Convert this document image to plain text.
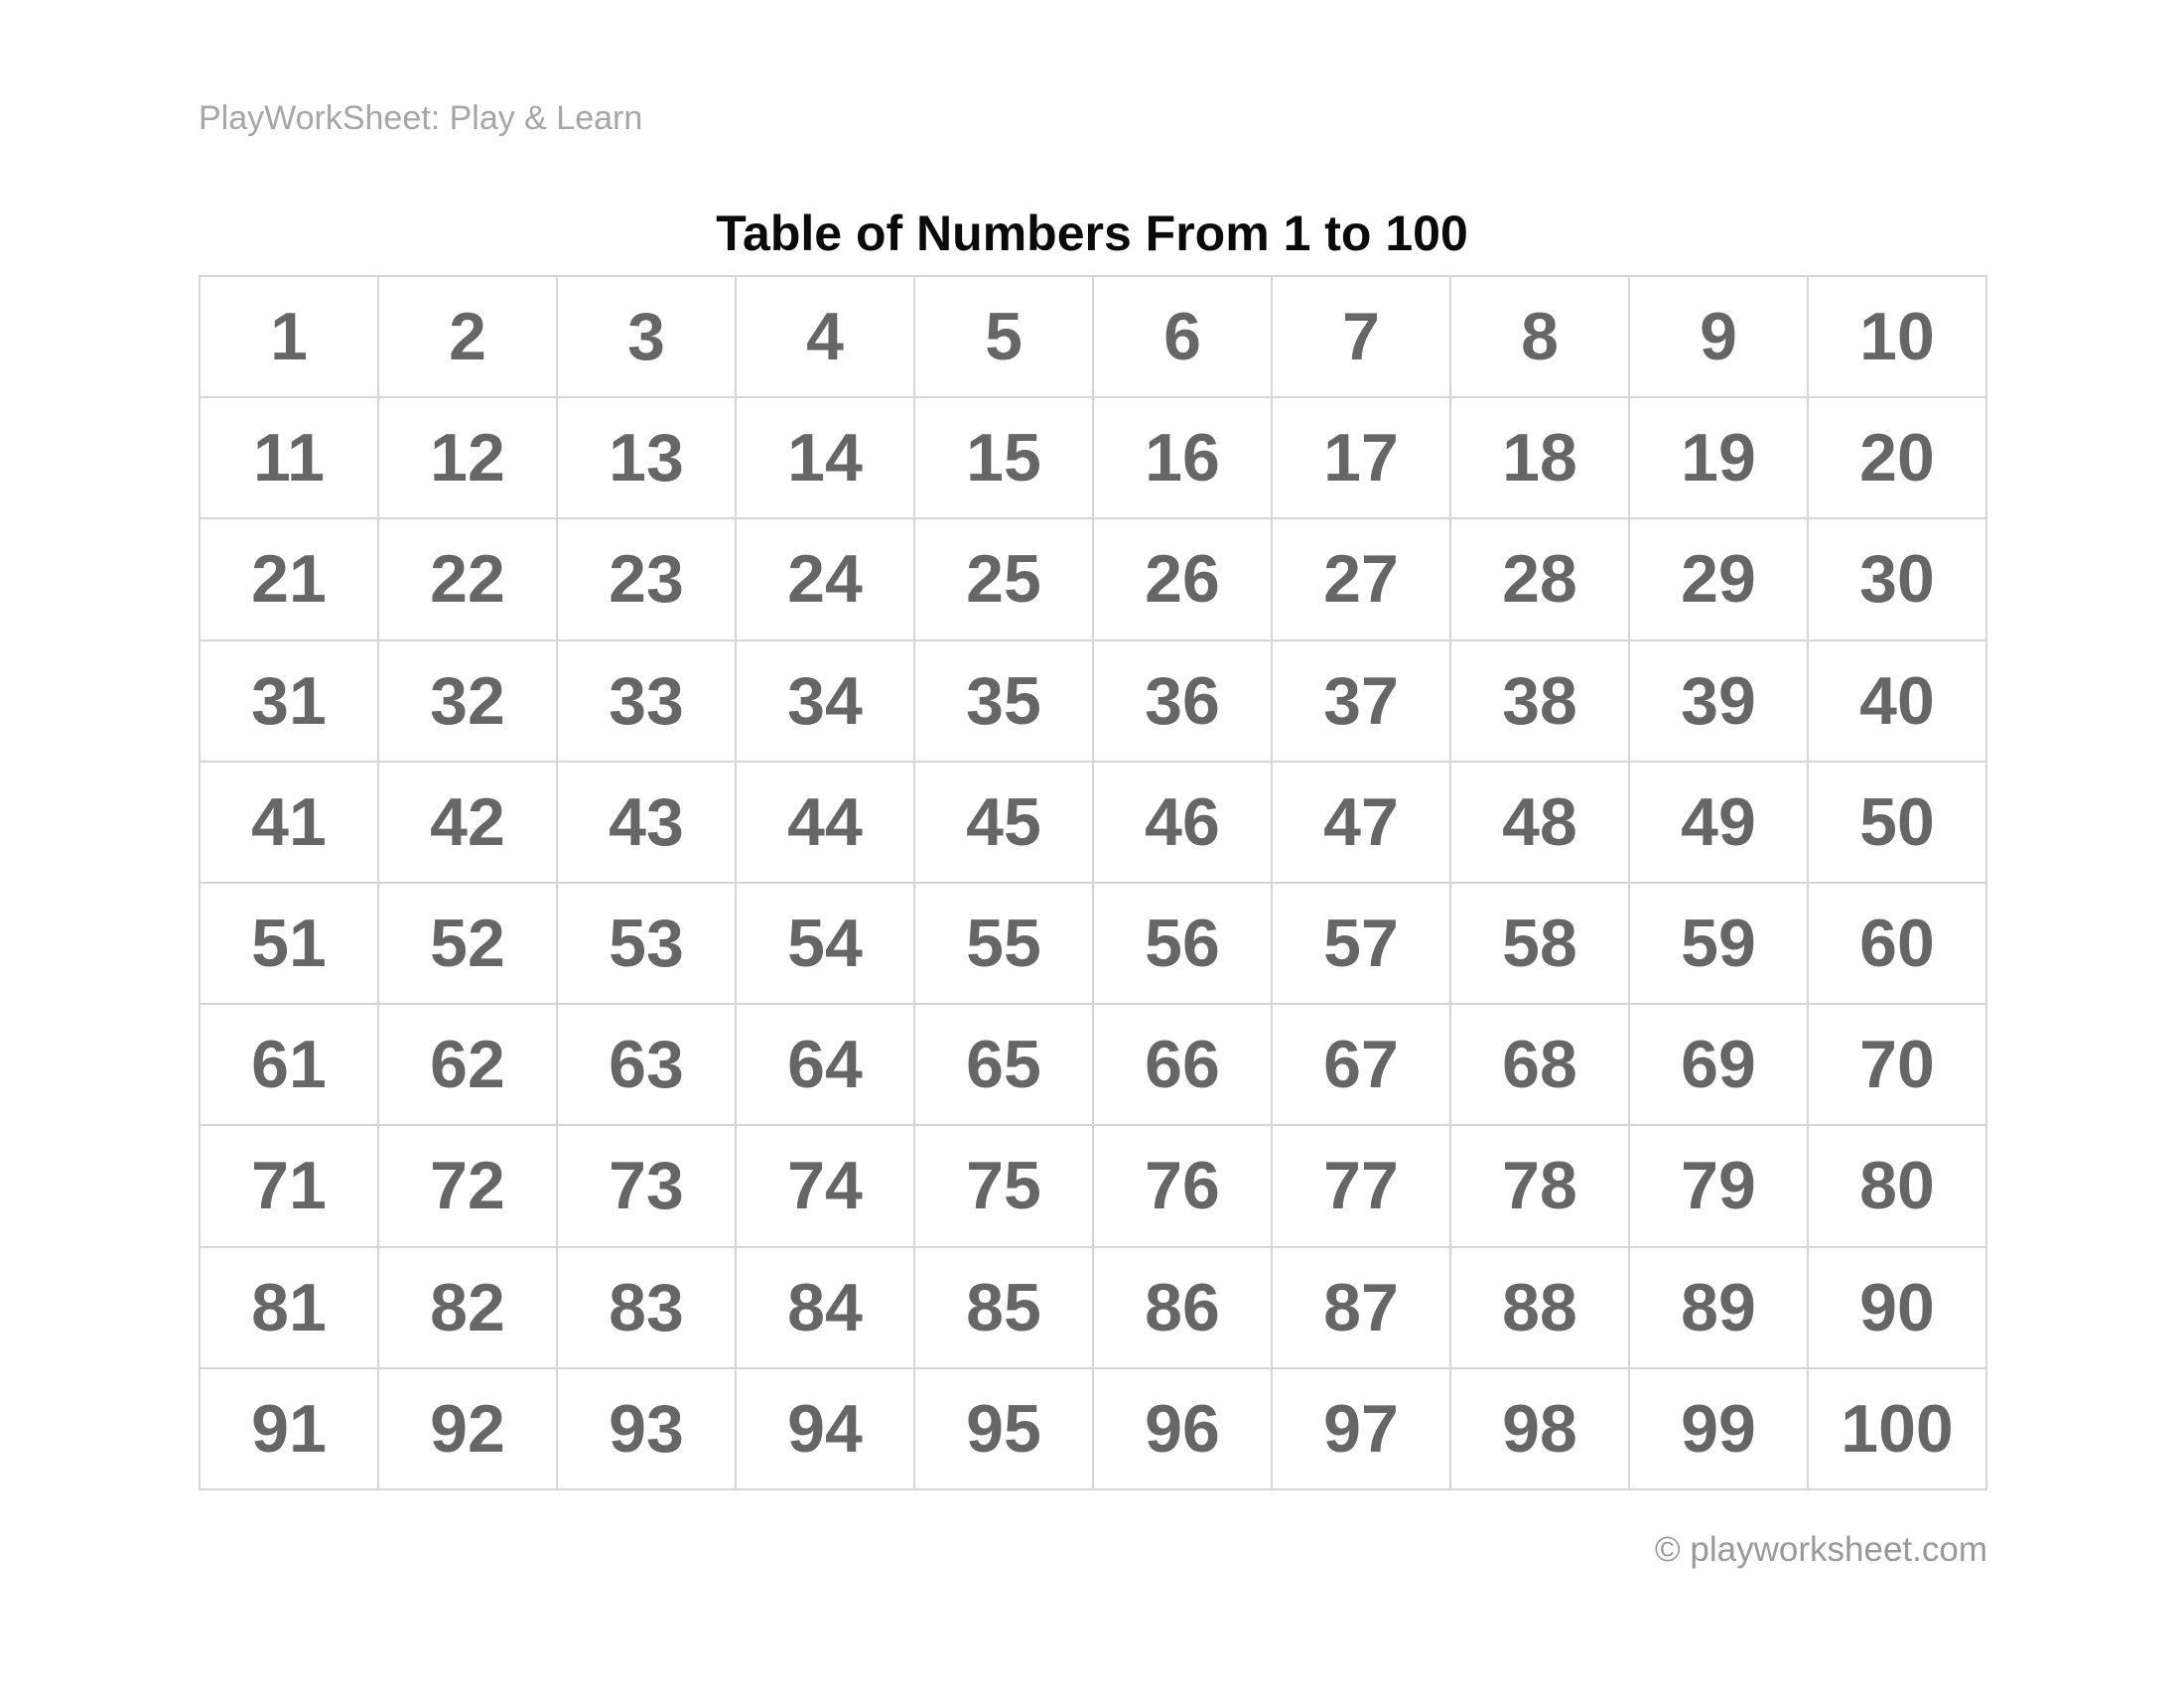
PlayWorkSheet: Play & Learn
Table of Numbers From 1 to 100
1	2	3	4	5	6	7	8	9	10
11	12	13	14	15	16	17	18	19	20
21	22	23	24	25	26	27	28	29	30
31	32	33	34	35	36	37	38	39	40
41	42	43	44	45	46	47	48	49	50
51	52	53	54	55	56	57	58	59	60
61	62	63	64	65	66	67	68	69	70
71	72	73	74	75	76	77	78	79	80
81	82	83	84	85	86	87	88	89	90
91	92	93	94	95	96	97	98	99	100
© playworksheet.com
